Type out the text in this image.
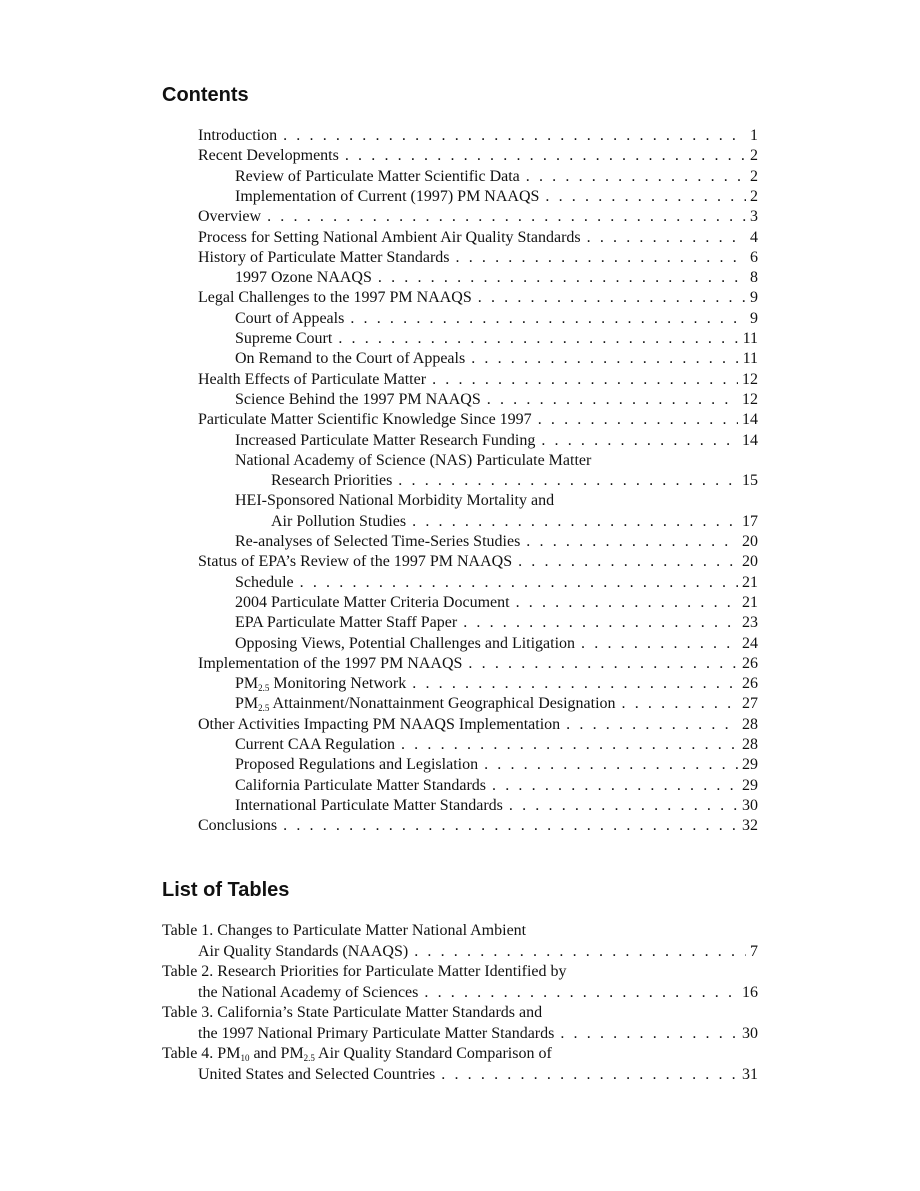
Contents
Introduction . . .	1
Recent Developments . . .	2
Review of Particulate Matter Scientific Data . . .	2
Implementation of Current (1997) PM NAAQS . . .	2
Overview . . .	3
Process for Setting National Ambient Air Quality Standards . . .	4
History of Particulate Matter Standards . . .	6
1997 Ozone NAAQS . . .	8
Legal Challenges to the 1997 PM NAAQS . . .	9
Court of Appeals . . .	9
Supreme Court . . .	11
On Remand to the Court of Appeals . . .	11
Health Effects of Particulate Matter . . .	12
Science Behind the 1997 PM NAAQS . . .	12
Particulate Matter Scientific Knowledge Since 1997 . . .	14
Increased Particulate Matter Research Funding . . .	14
National Academy of Science (NAS) Particulate Matter
Research Priorities . . .	15
HEI-Sponsored National Morbidity Mortality and
Air Pollution Studies . . .	17
Re-analyses of Selected Time-Series Studies . . .	20
Status of EPA’s Review of the 1997 PM NAAQS . . .	20
Schedule . . .	21
2004 Particulate Matter Criteria Document . . .	21
EPA Particulate Matter Staff Paper . . .	23
Opposing Views, Potential Challenges and Litigation . . .	24
Implementation of the 1997 PM NAAQS . . .	26
$PM_{2.5}$ Monitoring Network . . .	26
$PM_{2.5}$ Attainment/Nonattainment Geographical Designation . . .	27
Other Activities Impacting PM NAAQS Implementation . . .	28
Current CAA Regulation . . .	28
Proposed Regulations and Legislation . . .	29
California Particulate Matter Standards . . .	29
International Particulate Matter Standards . . .	30
Conclusions . . .	32
List of Tables
Table 1. Changes to Particulate Matter National Ambient
Air Quality Standards (NAAQS) . . .	7
Table 2. Research Priorities for Particulate Matter Identified by
the National Academy of Sciences . . .	16
Table 3. California’s State Particulate Matter Standards and
the 1997 National Primary Particulate Matter Standards . . .	30
Table 4. $PM_{10}$ and $PM_{2.5}$ Air Quality Standard Comparison of
United States and Selected Countries . . .	31
